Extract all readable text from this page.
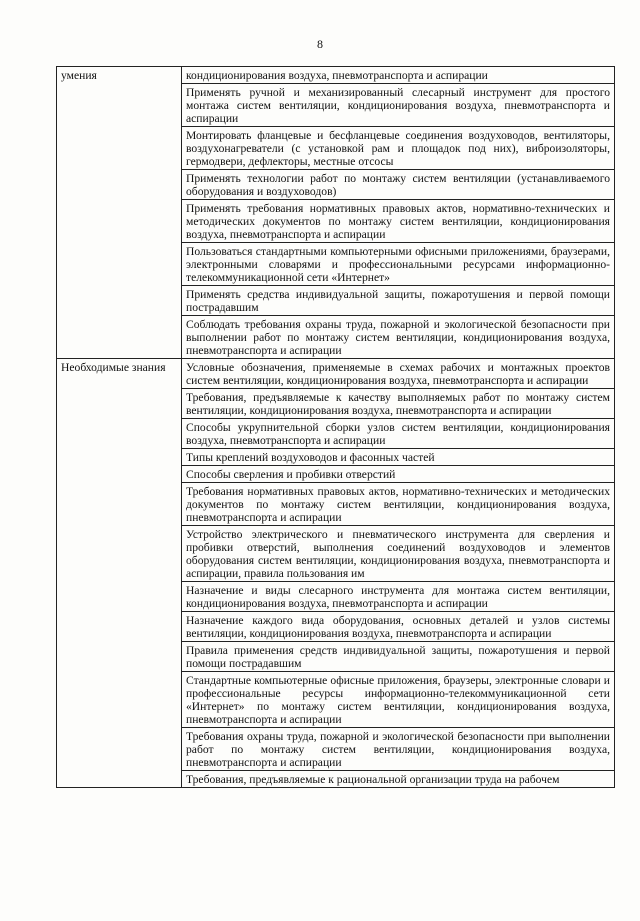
8
умения	кондиционирования воздуха, пневмотранспорта и аспирации
	Применять ручной и механизированный слесарный инструмент для простого монтажа систем вентиляции, кондиционирования воздуха, пневмотранспорта и аспирации
	Монтировать фланцевые и бесфланцевые соединения воздуховодов, вентиляторы, воздухонагреватели (с установкой рам и площадок под них), виброизоляторы, гермодвери, дефлекторы, местные отсосы
	Применять технологии работ по монтажу систем вентиляции (устанавливаемого оборудования и воздуховодов)
	Применять требования нормативных правовых актов, нормативно-технических и методических документов по монтажу систем вентиляции, кондиционирования воздуха, пневмотранспорта и аспирации
	Пользоваться стандартными компьютерными офисными приложениями, браузерами, электронными словарями и профессиональными ресурсами информационно-телекоммуникационной сети «Интернет»
	Применять средства индивидуальной защиты, пожаротушения и первой помощи пострадавшим
	Соблюдать требования охраны труда, пожарной и экологической безопасности при выполнении работ по монтажу систем вентиляции, кондиционирования воздуха, пневмотранспорта и аспирации
Необходимые знания	Условные обозначения, применяемые в схемах рабочих и монтажных проектов систем вентиляции, кондиционирования воздуха, пневмотранспорта и аспирации
	Требования, предъявляемые к качеству выполняемых работ по монтажу систем вентиляции, кондиционирования воздуха, пневмотранспорта и аспирации
	Способы укрупнительной сборки узлов систем вентиляции, кондиционирования воздуха, пневмотранспорта и аспирации
	Типы креплений воздуховодов и фасонных частей
	Способы сверления и пробивки отверстий
	Требования нормативных правовых актов, нормативно-технических и методических документов по монтажу систем вентиляции, кондиционирования воздуха, пневмотранспорта и аспирации
	Устройство электрического и пневматического инструмента для сверления и пробивки отверстий, выполнения соединений воздуховодов и элементов оборудования систем вентиляции, кондиционирования воздуха, пневмотранспорта и аспирации, правила пользования им
	Назначение и виды слесарного инструмента для монтажа систем вентиляции, кондиционирования воздуха, пневмотранспорта и аспирации
	Назначение каждого вида оборудования, основных деталей и узлов системы вентиляции, кондиционирования воздуха, пневмотранспорта и аспирации
	Правила применения средств индивидуальной защиты, пожаротушения и первой помощи пострадавшим
	Стандартные компьютерные офисные приложения, браузеры, электронные словари и профессиональные ресурсы информационно-телекоммуникационной сети «Интернет» по монтажу систем вентиляции, кондиционирования воздуха, пневмотранспорта и аспирации
	Требования охраны труда, пожарной и экологической безопасности при выполнении работ по монтажу систем вентиляции, кондиционирования воздуха, пневмотранспорта и аспирации
	Требования, предъявляемые к рациональной организации труда на рабочем
